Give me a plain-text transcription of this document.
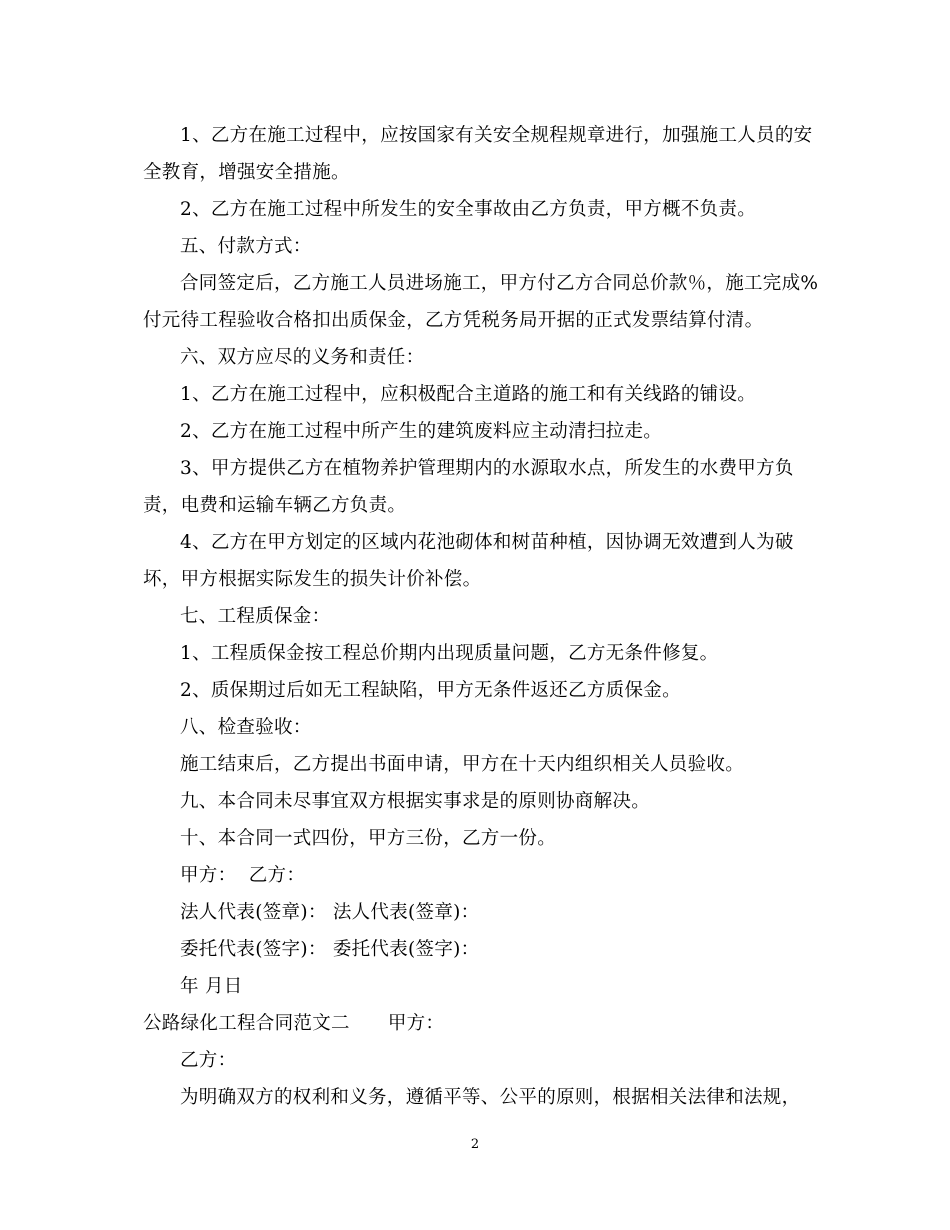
1、乙方在施工过程中，应按国家有关安全规程规章进行，加强施工人员的安
全教育，增强安全措施。
2、乙方在施工过程中所发生的安全事故由乙方负责，甲方概不负责。
五、付款方式：
合同签定后，乙方施工人员进场施工，甲方付乙方合同总价款％，施工完成%
付元待工程验收合格扣出质保金，乙方凭税务局开据的正式发票结算付清。
六、双方应尽的义务和责任：
1、乙方在施工过程中，应积极配合主道路的施工和有关线路的铺设。
2、乙方在施工过程中所产生的建筑废料应主动清扫拉走。
3、甲方提供乙方在植物养护管理期内的水源取水点，所发生的水费甲方负
责，电费和运输车辆乙方负责。
4、乙方在甲方划定的区域内花池砌体和树苗种植，因协调无效遭到人为破
坏，甲方根据实际发生的损失计价补偿。
七、工程质保金：
1、工程质保金按工程总价期内出现质量问题，乙方无条件修复。
2、质保期过后如无工程缺陷，甲方无条件返还乙方质保金。
八、检查验收：
施工结束后，乙方提出书面申请，甲方在十天内组织相关人员验收。
九、本合同未尽事宜双方根据实事求是的原则协商解决。
十、本合同一式四份，甲方三份，乙方一份。
甲方：  乙方：
法人代表(签章)： 法人代表(签章)：
委托代表(签字)： 委托代表(签字)：
年 月日
公路绿化工程合同范文二 甲方：
乙方：
为明确双方的权利和义务，遵循平等、公平的原则，根据相关法律和法规，
2
